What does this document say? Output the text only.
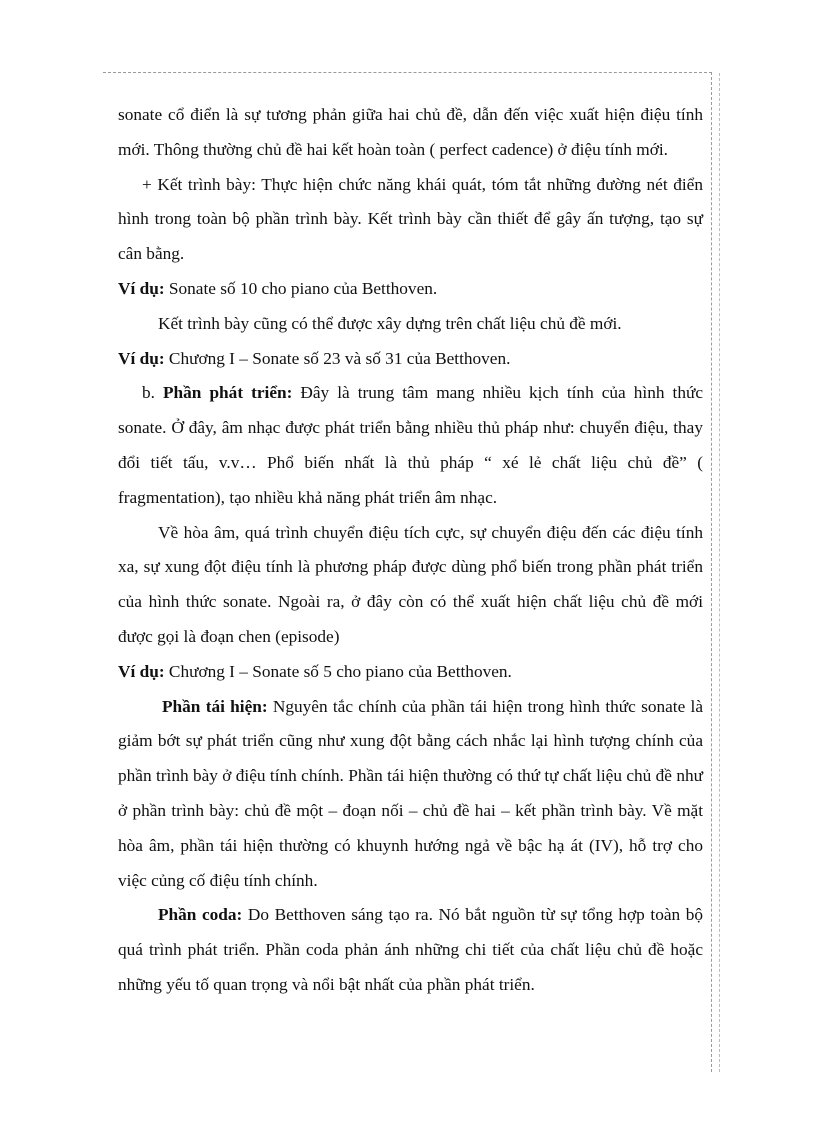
sonate cổ điển là sự tương phản giữa hai chủ đề, dẫn đến việc xuất hiện điệu tính mới. Thông thường chủ đề hai kết hoàn toàn ( perfect cadence) ở điệu tính mới.

+ Kết trình bày: Thực hiện chức năng khái quát, tóm tắt những đường nét điển hình trong toàn bộ phần trình bày. Kết trình bày cần thiết để gây ấn tượng, tạo sự cân bằng.

Ví dụ: Sonate số 10 cho piano của Betthoven.

Kết trình bày cũng có thể được xây dựng trên chất liệu chủ đề mới.

Ví dụ: Chương I – Sonate số 23 và số 31 của Betthoven.

b. Phần phát triển: Đây là trung tâm mang nhiều kịch tính của hình thức sonate. Ở đây, âm nhạc được phát triển bằng nhiều thủ pháp như: chuyển điệu, thay đổi tiết tấu, v.v… Phổ biến nhất là thủ pháp “ xé lẻ chất liệu chủ đề” ( fragmentation), tạo nhiều khả năng phát triển âm nhạc.

Về hòa âm, quá trình chuyển điệu tích cực, sự chuyển điệu đến các điệu tính xa, sự xung đột điệu tính là phương pháp được dùng phổ biến trong phần phát triển của hình thức sonate. Ngoài ra, ở đây còn có thể xuất hiện chất liệu chủ đề mới được gọi là đoạn chen (episode)

Ví dụ: Chương I – Sonate số 5 cho piano của Betthoven.

Phần tái hiện: Nguyên tắc chính của phần tái hiện trong hình thức sonate là giảm bớt sự phát triển cũng như xung đột bằng cách nhắc lại hình tượng chính của phần trình bày ở điệu tính chính. Phần tái hiện thường có thứ tự chất liệu chủ đề như ở phần trình bày: chủ đề một – đoạn nối – chủ đề hai – kết phần trình bày. Về mặt hòa âm, phần tái hiện thường có khuynh hướng ngả về bậc hạ át (IV), hỗ trợ cho việc củng cố điệu tính chính.

Phần coda: Do Betthoven sáng tạo ra. Nó bắt nguồn từ sự tổng hợp toàn bộ quá trình phát triển. Phần coda phản ánh những chi tiết của chất liệu chủ đề hoặc những yếu tố quan trọng và nổi bật nhất của phần phát triển.
